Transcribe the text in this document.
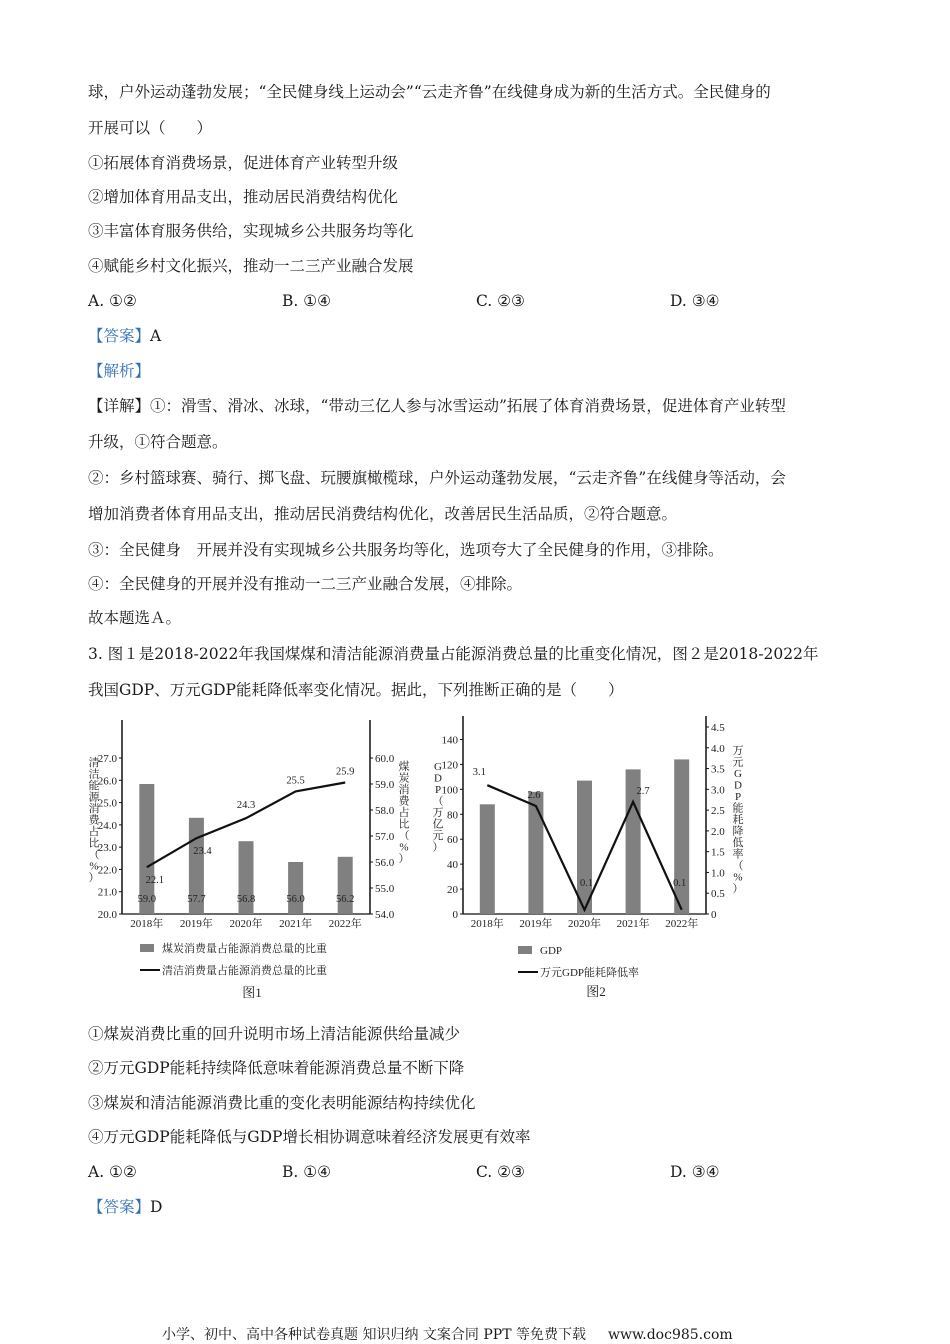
球，户外运动蓬勃发展；“全民健身线上运动会”“云走齐鲁”在线健身成为新的生活方式。全民健身的
开展可以（　　）
①拓展体育消费场景，促进体育产业转型升级
②增加体育用品支出，推动居民消费结构优化
③丰富体育服务供给，实现城乡公共服务均等化
④赋能乡村文化振兴，推动一二三产业融合发展
A. ①②	B. ①④	C. ②③	D. ③④
【答案】A
【解析】
【详解】①：滑雪、滑冰、冰球，“带动三亿人参与冰雪运动”拓展了体育消费场景，促进体育产业转型
升级，①符合题意。
②：乡村篮球赛、骑行、掷飞盘、玩腰旗橄榄球，户外运动蓬勃发展，“云走齐鲁”在线健身等活动，会
增加消费者体育用品支出，推动居民消费结构优化，改善居民生活品质，②符合题意。
③：全民健身　开展并没有实现城乡公共服务均等化，选项夸大了全民健身的作用，③排除。
④：全民健身的开展并没有推动一二三产业融合发展，④排除。
故本题选Ａ。
3. 图１是2018-2022年我国煤煤和清洁能源消费量占能源消费总量的比重变化情况，图２是2018-2022年
我国GDP、万元GDP能耗降低率变化情况。据此，下列推断正确的是（　　）
20.0
21.0
22.0
23.0
24.0
25.0
26.0
27.0
54.0
55.0
56.0
57.0
58.0
59.0
60.0
2018年
59.0
22.1
2019年
57.7
23.4
2020年
56.8
24.3
2021年
56.0
25.5
2022年
56.2
25.9
清洁能源消费占比（%）
煤炭消费占比（%）
煤炭消费量占能源消费总量的比重
清洁消费量占能源消费总量的比重
图1
0
20
40
60
80
100
120
140
0
0.5
1.0
1.5
2.0
2.5
3.0
3.5
4.0
4.5
2018年
3.1
2019年
2.6
2020年
0.1
2021年
2.7
2022年
0.1
G D P （万亿元）
万元 G D P 能耗降低率（%）
GDP
万元GDP能耗降低率
图2
①煤炭消费比重的回升说明市场上清洁能源供给量减少
②万元GDP能耗持续降低意味着能源消费总量不断下降
③煤炭和清洁能源消费比重的变化表明能源结构持续优化
④万元GDP能耗降低与GDP增长相协调意味着经济发展更有效率
A. ①②	B. ①④	C. ②③	D. ③④
【答案】D
小学、初中、高中各种试卷真题 知识归纳 文案合同 PPT 等免费下载 www.doc985.com
